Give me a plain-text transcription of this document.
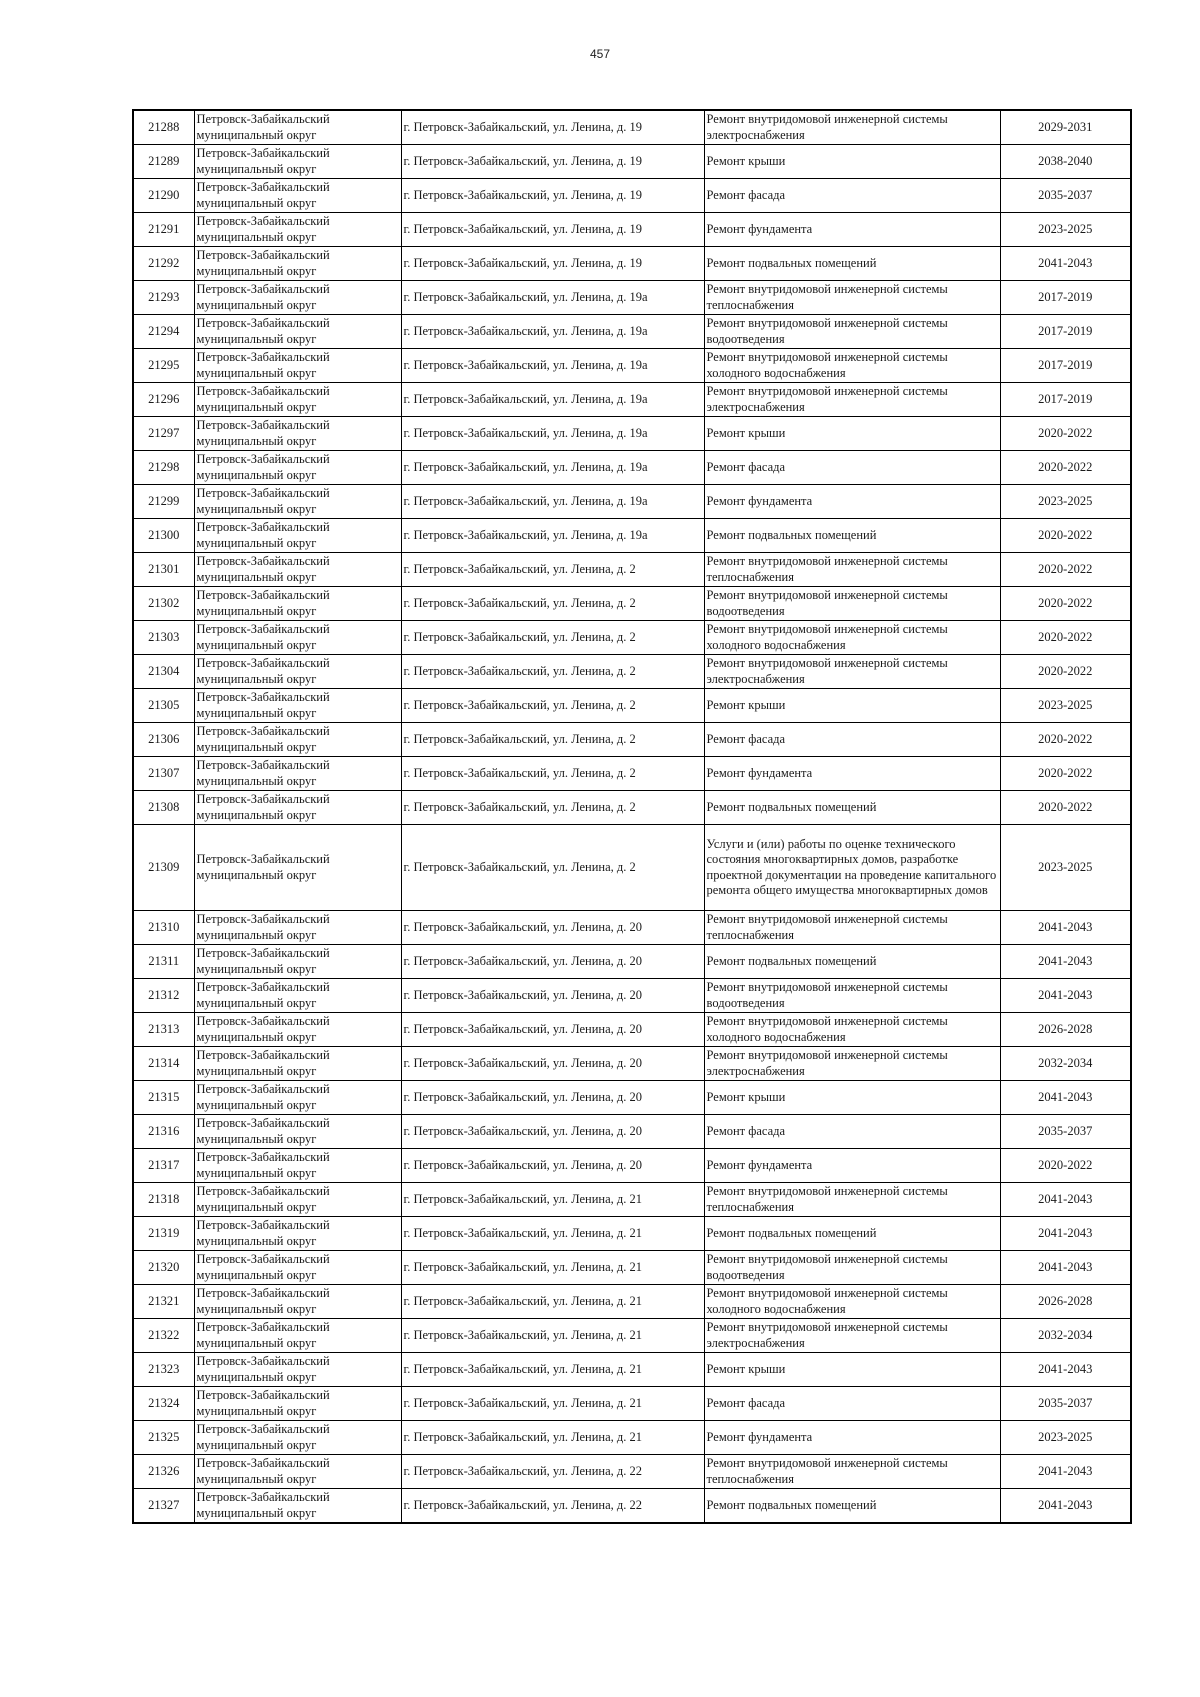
457
21288	Петровск-Забайкальский муниципальный округ	г. Петровск-Забайкальский, ул. Ленина, д. 19	Ремонт внутридомовой инженерной системы электроснабжения	2029-2031
21289	Петровск-Забайкальский муниципальный округ	г. Петровск-Забайкальский, ул. Ленина, д. 19	Ремонт крыши	2038-2040
21290	Петровск-Забайкальский муниципальный округ	г. Петровск-Забайкальский, ул. Ленина, д. 19	Ремонт фасада	2035-2037
21291	Петровск-Забайкальский муниципальный округ	г. Петровск-Забайкальский, ул. Ленина, д. 19	Ремонт фундамента	2023-2025
21292	Петровск-Забайкальский муниципальный округ	г. Петровск-Забайкальский, ул. Ленина, д. 19	Ремонт подвальных помещений	2041-2043
21293	Петровск-Забайкальский муниципальный округ	г. Петровск-Забайкальский, ул. Ленина, д. 19а	Ремонт внутридомовой инженерной системы теплоснабжения	2017-2019
21294	Петровск-Забайкальский муниципальный округ	г. Петровск-Забайкальский, ул. Ленина, д. 19а	Ремонт внутридомовой инженерной системы водоотведения	2017-2019
21295	Петровск-Забайкальский муниципальный округ	г. Петровск-Забайкальский, ул. Ленина, д. 19а	Ремонт внутридомовой инженерной системы холодного водоснабжения	2017-2019
21296	Петровск-Забайкальский муниципальный округ	г. Петровск-Забайкальский, ул. Ленина, д. 19а	Ремонт внутридомовой инженерной системы электроснабжения	2017-2019
21297	Петровск-Забайкальский муниципальный округ	г. Петровск-Забайкальский, ул. Ленина, д. 19а	Ремонт крыши	2020-2022
21298	Петровск-Забайкальский муниципальный округ	г. Петровск-Забайкальский, ул. Ленина, д. 19а	Ремонт фасада	2020-2022
21299	Петровск-Забайкальский муниципальный округ	г. Петровск-Забайкальский, ул. Ленина, д. 19а	Ремонт фундамента	2023-2025
21300	Петровск-Забайкальский муниципальный округ	г. Петровск-Забайкальский, ул. Ленина, д. 19а	Ремонт подвальных помещений	2020-2022
21301	Петровск-Забайкальский муниципальный округ	г. Петровск-Забайкальский, ул. Ленина, д. 2	Ремонт внутридомовой инженерной системы теплоснабжения	2020-2022
21302	Петровск-Забайкальский муниципальный округ	г. Петровск-Забайкальский, ул. Ленина, д. 2	Ремонт внутридомовой инженерной системы водоотведения	2020-2022
21303	Петровск-Забайкальский муниципальный округ	г. Петровск-Забайкальский, ул. Ленина, д. 2	Ремонт внутридомовой инженерной системы холодного водоснабжения	2020-2022
21304	Петровск-Забайкальский муниципальный округ	г. Петровск-Забайкальский, ул. Ленина, д. 2	Ремонт внутридомовой инженерной системы электроснабжения	2020-2022
21305	Петровск-Забайкальский муниципальный округ	г. Петровск-Забайкальский, ул. Ленина, д. 2	Ремонт крыши	2023-2025
21306	Петровск-Забайкальский муниципальный округ	г. Петровск-Забайкальский, ул. Ленина, д. 2	Ремонт фасада	2020-2022
21307	Петровск-Забайкальский муниципальный округ	г. Петровск-Забайкальский, ул. Ленина, д. 2	Ремонт фундамента	2020-2022
21308	Петровск-Забайкальский муниципальный округ	г. Петровск-Забайкальский, ул. Ленина, д. 2	Ремонт подвальных помещений	2020-2022
21309	Петровск-Забайкальский муниципальный округ	г. Петровск-Забайкальский, ул. Ленина, д. 2	Услуги и (или) работы по оценке технического состояния многоквартирных домов, разработке проектной документации на проведение капитального ремонта общего имущества многоквартирных домов	2023-2025
21310	Петровск-Забайкальский муниципальный округ	г. Петровск-Забайкальский, ул. Ленина, д. 20	Ремонт внутридомовой инженерной системы теплоснабжения	2041-2043
21311	Петровск-Забайкальский муниципальный округ	г. Петровск-Забайкальский, ул. Ленина, д. 20	Ремонт подвальных помещений	2041-2043
21312	Петровск-Забайкальский муниципальный округ	г. Петровск-Забайкальский, ул. Ленина, д. 20	Ремонт внутридомовой инженерной системы водоотведения	2041-2043
21313	Петровск-Забайкальский муниципальный округ	г. Петровск-Забайкальский, ул. Ленина, д. 20	Ремонт внутридомовой инженерной системы холодного водоснабжения	2026-2028
21314	Петровск-Забайкальский муниципальный округ	г. Петровск-Забайкальский, ул. Ленина, д. 20	Ремонт внутридомовой инженерной системы электроснабжения	2032-2034
21315	Петровск-Забайкальский муниципальный округ	г. Петровск-Забайкальский, ул. Ленина, д. 20	Ремонт крыши	2041-2043
21316	Петровск-Забайкальский муниципальный округ	г. Петровск-Забайкальский, ул. Ленина, д. 20	Ремонт фасада	2035-2037
21317	Петровск-Забайкальский муниципальный округ	г. Петровск-Забайкальский, ул. Ленина, д. 20	Ремонт фундамента	2020-2022
21318	Петровск-Забайкальский муниципальный округ	г. Петровск-Забайкальский, ул. Ленина, д. 21	Ремонт внутридомовой инженерной системы теплоснабжения	2041-2043
21319	Петровск-Забайкальский муниципальный округ	г. Петровск-Забайкальский, ул. Ленина, д. 21	Ремонт подвальных помещений	2041-2043
21320	Петровск-Забайкальский муниципальный округ	г. Петровск-Забайкальский, ул. Ленина, д. 21	Ремонт внутридомовой инженерной системы водоотведения	2041-2043
21321	Петровск-Забайкальский муниципальный округ	г. Петровск-Забайкальский, ул. Ленина, д. 21	Ремонт внутридомовой инженерной системы холодного водоснабжения	2026-2028
21322	Петровск-Забайкальский муниципальный округ	г. Петровск-Забайкальский, ул. Ленина, д. 21	Ремонт внутридомовой инженерной системы электроснабжения	2032-2034
21323	Петровск-Забайкальский муниципальный округ	г. Петровск-Забайкальский, ул. Ленина, д. 21	Ремонт крыши	2041-2043
21324	Петровск-Забайкальский муниципальный округ	г. Петровск-Забайкальский, ул. Ленина, д. 21	Ремонт фасада	2035-2037
21325	Петровск-Забайкальский муниципальный округ	г. Петровск-Забайкальский, ул. Ленина, д. 21	Ремонт фундамента	2023-2025
21326	Петровск-Забайкальский муниципальный округ	г. Петровск-Забайкальский, ул. Ленина, д. 22	Ремонт внутридомовой инженерной системы теплоснабжения	2041-2043
21327	Петровск-Забайкальский муниципальный округ	г. Петровск-Забайкальский, ул. Ленина, д. 22	Ремонт подвальных помещений	2041-2043
